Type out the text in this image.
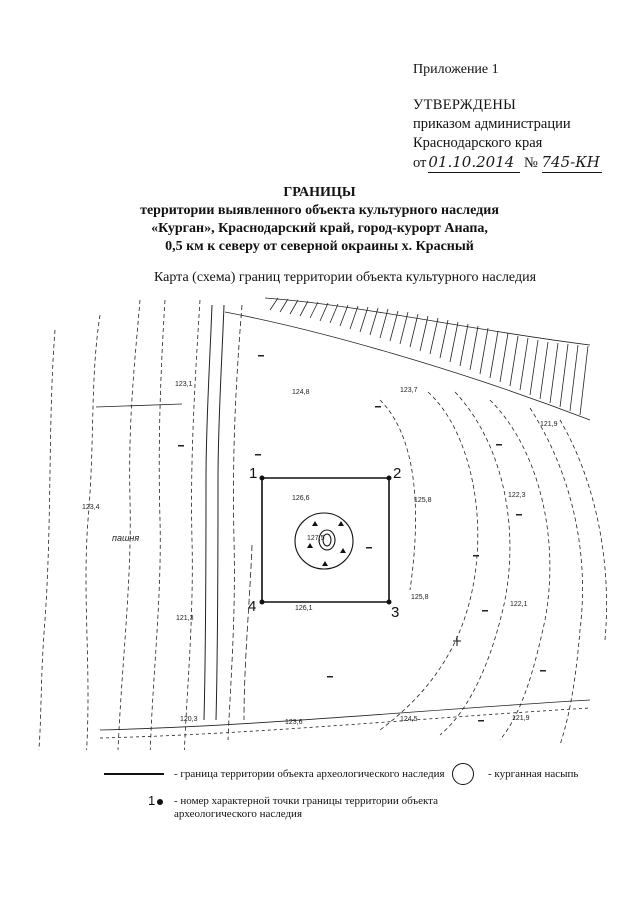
Приложение 1
УТВЕРЖДЕНЫ
приказом администрации
Краснодарского края
от 01.10.2014 № 745-КН
ГРАНИЦЫ
территории выявленного объекта культурного наследия
«Курган», Краснодарский край, город-курорт Анапа,
0,5 км к северу от северной окраины х. Красный
Карта (схема) границ территории объекта культурного наследия
1	2
3
4
124,8	123,7
121,9
126,6	125,8
122,3
127,5
125,8
126,1
122,1
123,4
121,3
120,3	123,6	124,5	121,9
123,1
пашня
- граница территории объекта археологического наследия	- курганная насыпь
1	- номер характерной точки границы территории объекта археологического наследия
